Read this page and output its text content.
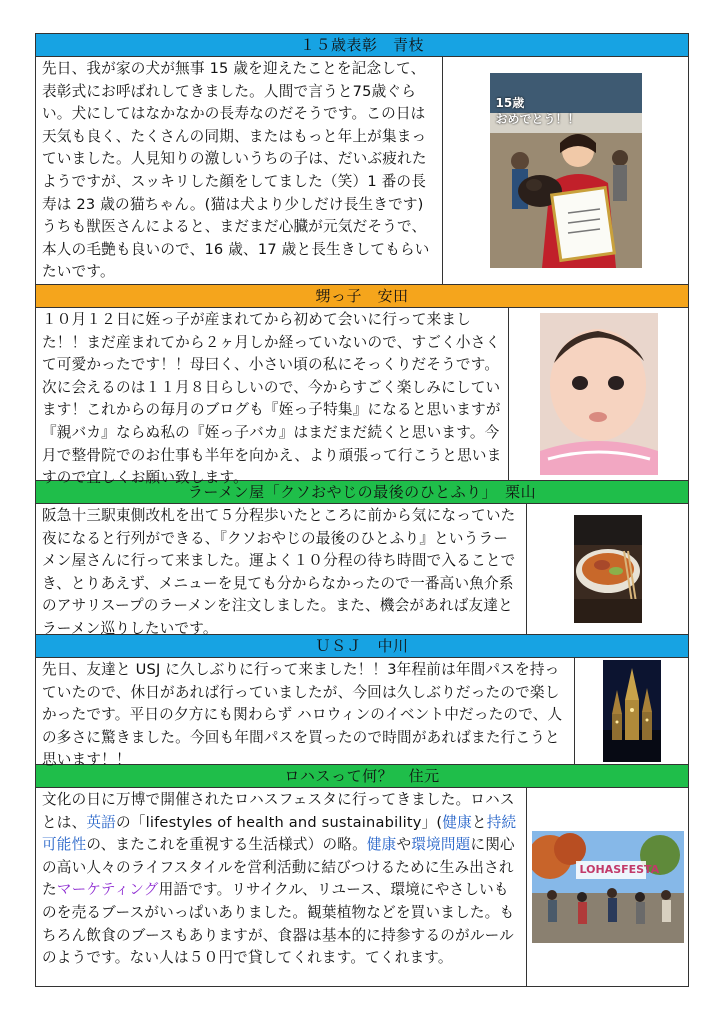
１５歳表彰　青枝
先日、我が家の犬が無事 15 歳を迎えたことを記念して、表彰式にお呼ばれしてきました。人間で言うと75歳ぐらい。犬にしてはなかなかの長寿なのだそうです。この日は天気も良く、たくさんの同期、またはもっと年上が集まっていました。人見知りの激しいうちの子は、だいぶ疲れたようですが、スッキリした顔をしてました（笑）1 番の長寿は 23 歳の猫ちゃん。(猫は犬より少しだけ長生きです)うちも獣医さんによると、まだまだ心臓が元気だそうで、本人の毛艶も良いので、16 歳、17 歳と長生きしてもらいたいです。
15歳
おめでとう！！
甥っ子　安田
１０月１２日に姪っ子が産まれてから初めて会いに行って来ました！！まだ産まれてから２ヶ月しか経っていないので、すごく小さくて可愛かったです！！母曰く、小さい頃の私にそっくりだそうです。次に会えるのは１１月８日らしいので、今からすごく楽しみにしています！これからの毎月のブログも『姪っ子特集』になると思いますが『親バカ』ならぬ私の『姪っ子バカ』はまだまだ続くと思います。今月で整骨院でのお仕事も半年を向かえ、より頑張って行こうと思いますので宜しくお願い致します。
ラーメン屋「クソおやじの最後のひとふり」　栗山
阪急十三駅東側改札を出て５分程歩いたところに前から気になっていた夜になると行列ができる、『クソおやじの最後のひとふり』というラーメン屋さんに行って来ました。運よく１０分程の待ち時間で入ることでき、とりあえず、メニューを見ても分からなかったので一番高い魚介系のアサリスープのラーメンを注文しました。また、機会があれば友達とラーメン巡りしたいです。
ＵＳＪ　中川
先日、友達と USJ に久しぶりに行って来ました！！3年程前は年間パスを持っていたので、休日があれば行っていましたが、今回は久しぶりだったので楽しかったです。平日の夕方にも関わらず ハロウィンのイベント中だったので、人の多さに驚きました。今回も年間パスを買ったので時間があればまた行こうと思います！！
ロハスって何？　住元
文化の日に万博で開催されたロハスフェスタに行ってきました。ロハスとは、英語の「lifestyles of health and sustainability」(健康と持続可能性の、またこれを重視する生活様式）の略。健康や環境問題に関心の高い人々のライフスタイルを営利活動に結びつけるために生み出されたマーケティング用語です。リサイクル、リユース、環境にやさしいものを売るブースがいっぱいありました。観葉植物などを買いました。もちろん飲食のブースもありますが、食器は基本的に持参するのがルールのようです。ない人は５０円で貸してくれます。てくれます。
LOHASFESTA
